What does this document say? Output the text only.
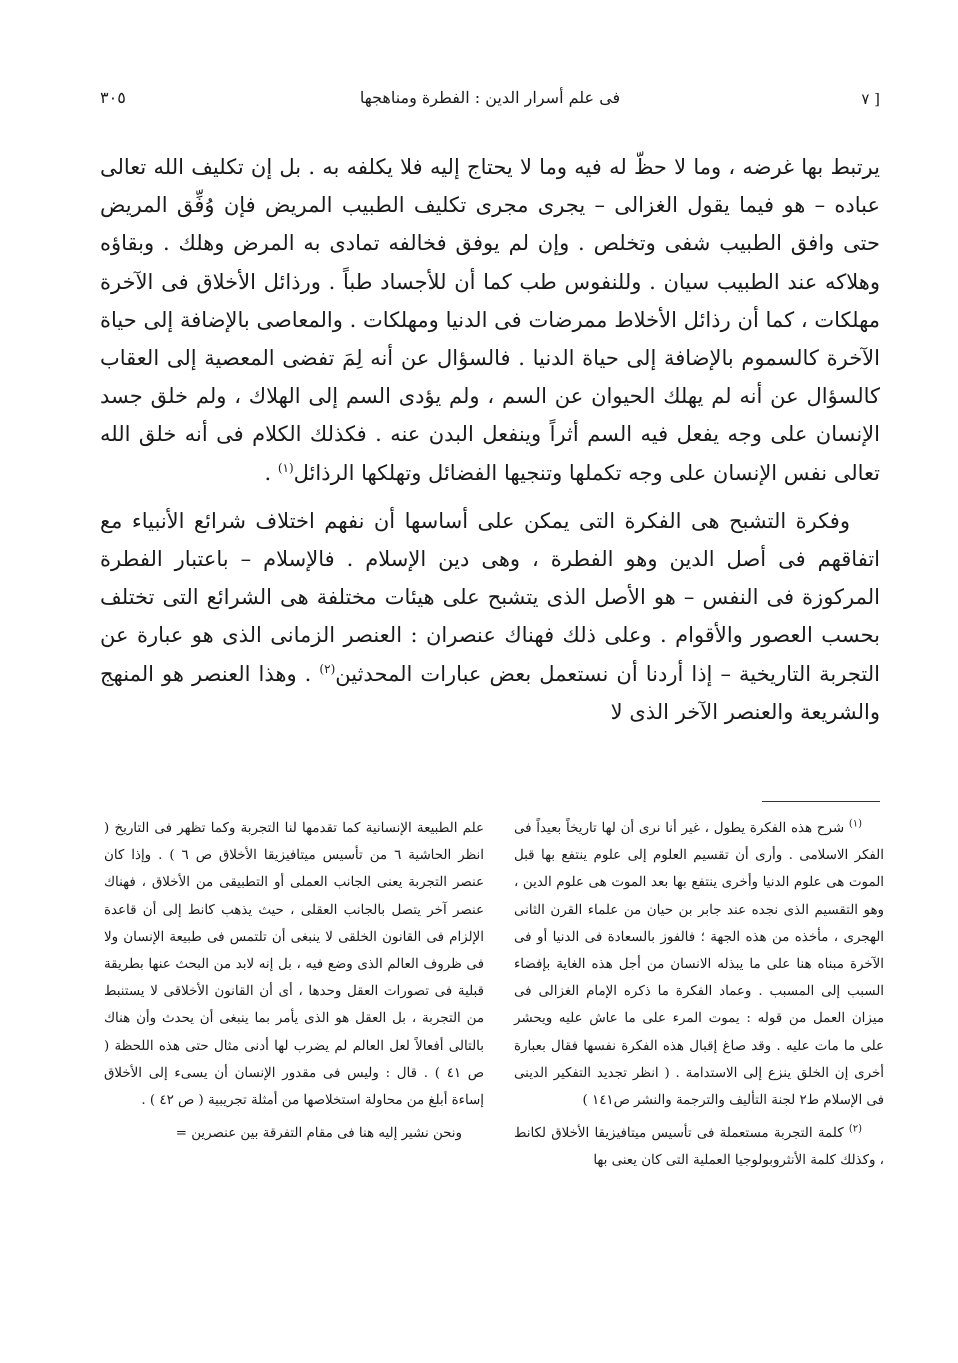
[ ٧
فى علم أسرار الدين : الفطرة ومناهجها
٣٠٥

يرتبط بها غرضه ، وما لا حظّ له فيه وما لا يحتاج إليه فلا يكلفه به . بل إن تكليف الله تعالى عباده – هو فيما يقول الغزالى – يجرى مجرى تكليف الطبيب المريض فإن وُفِّق المريض حتى وافق الطبيب شفى وتخلص . وإن لم يوفق فخالفه تمادى به المرض وهلك . وبقاؤه وهلاكه عند الطبيب سيان . وللنفوس طب كما أن للأجساد طباً . ورذائل الأخلاق فى الآخرة مهلكات ، كما أن رذائل الأخلاط ممرضات فى الدنيا ومهلكات . والمعاصى بالإضافة إلى حياة الآخرة كالسموم بالإضافة إلى حياة الدنيا . فالسؤال عن أنه لِمَ تفضى المعصية إلى العقاب كالسؤال عن أنه لم يهلك الحيوان عن السم ، ولم يؤدى السم إلى الهلاك ، ولم خلق جسد الإنسان على وجه يفعل فيه السم أثراً وينفعل البدن عنه . فكذلك الكلام فى أنه خلق الله تعالى نفس الإنسان على وجه تكملها وتنجيها الفضائل وتهلكها الرذائل$^{(١)}$ .

وفكرة التشبح هى الفكرة التى يمكن على أساسها أن نفهم اختلاف شرائع الأنبياء مع اتفاقهم فى أصل الدين وهو الفطرة ، وهى دين الإسلام . فالإسلام – باعتبار الفطرة المركوزة فى النفس – هو الأصل الذى يتشبح على هيئات مختلفة هى الشرائع التى تختلف بحسب العصور والأقوام . وعلى ذلك فهناك عنصران : العنصر الزمانى الذى هو عبارة عن التجربة التاريخية – إذا أردنا أن نستعمل بعض عبارات المحدثين$^{(٢)}$ . وهذا العنصر هو المنهج والشريعة والعنصر الآخر الذى لا

$^{(١)}$ شرح هذه الفكرة يطول ، غير أنا نرى أن لها تاريخاً بعيداً فى الفكر الاسلامى . وأرى أن تقسيم العلوم إلى علوم ينتفع بها قبل الموت هى علوم الدنيا وأخرى ينتفع بها بعد الموت هى علوم الدين ، وهو التقسيم الذى نجده عند جابر بن حيان من علماء القرن الثانى الهجرى ، مأخذه من هذه الجهة ؛ فالفوز بالسعادة فى الدنيا أو فى الآخرة مبناه هنا على ما يبذله الانسان من أجل هذه الغاية بإفضاء السبب إلى المسبب . وعماد الفكرة ما ذكره الإمام الغزالى فى ميزان العمل من قوله : يموت المرء على ما عاش عليه ويحشر على ما مات عليه . وقد صاغ إقبال هذه الفكرة نفسها فقال بعبارة أخرى إن الخلق ينزع إلى الاستدامة . ( انظر تجديد التفكير الدينى فى الإسلام ط٢ لجنة التأليف والترجمة والنشر ص١٤١ )

$^{(٢)}$ كلمة التجربة مستعملة فى تأسيس ميتافيزيقا الأخلاق لكانط ، وكذلك كلمة الأنثروبولوجيا العملية التى كان يعنى بها

علم الطبيعة الإنسانية كما تقدمها لنا التجربة وكما تظهر فى التاريخ ( انظر الحاشية ٦ من تأسيس ميتافيزيقا الأخلاق ص ٦ ) . وإذا كان عنصر التجربة يعنى الجانب العملى أو التطبيقى من الأخلاق ، فهناك عنصر آخر يتصل بالجانب العقلى ، حيث يذهب كانط إلى أن قاعدة الإلزام فى القانون الخلقى لا ينبغى أن تلتمس فى طبيعة الإنسان ولا فى ظروف العالم الذى وضع فيه ، بل إنه لابد من البحث عنها بطريقة قبلية فى تصورات العقل وحدها ، أى أن القانون الأخلاقى لا يستنبط من التجربة ، بل العقل هو الذى يأمر بما ينبغى أن يحدث وأن هناك بالتالى أفعالاً لعل العالم لم يضرب لها أدنى مثال حتى هذه اللحظة ( ص ٤١ ) . قال : وليس فى مقدور الإنسان أن يسىء إلى الأخلاق إساءة أبلغ من محاولة استخلاصها من أمثلة تجريبية ( ص ٤٢ ) .

ونحن نشير إليه هنا فى مقام التفرقة بين عنصرين =
